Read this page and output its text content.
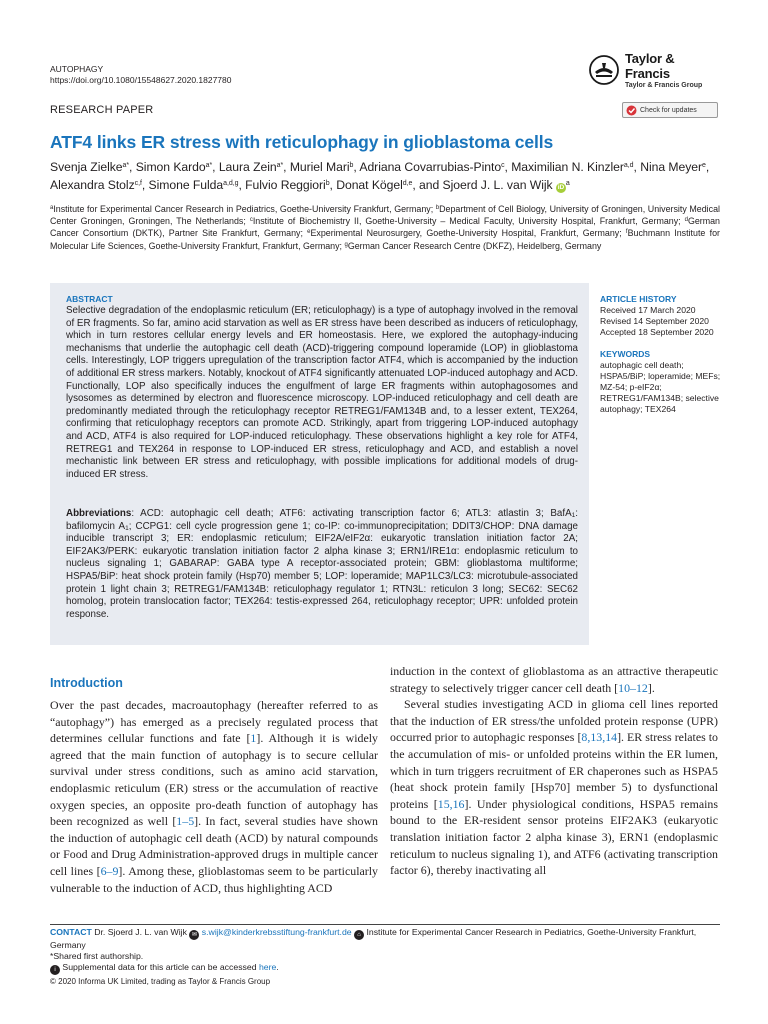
AUTOPHAGY
https://doi.org/10.1080/15548627.2020.1827780
Taylor & Francis
Taylor & Francis Group
RESEARCH PAPER	Check for updates
ATF4 links ER stress with reticulophagy in glioblastoma cells
Svenja Zielke$^{a*}$, Simon Kardo$^{a*}$, Laura Zein$^{a*}$, Muriel Mari$^b$, Adriana Covarrubias-Pinto$^c$, Maximilian N. Kinzler$^{a,d}$, Nina Meyer$^e$, Alexandra Stolz$^{c,f}$, Simone Fulda$^{a,d,g}$, Fulvio Reggiori$^b$, Donat Kögel$^{d,e}$, and Sjoerd J. L. van Wijk $iD^a$
$^a$Institute for Experimental Cancer Research in Pediatrics, Goethe-University Frankfurt, Germany; $^b$Department of Cell Biology, University of Groningen, University Medical Center Groningen, Groningen, The Netherlands; $^c$Institute of Biochemistry II, Goethe-University – Medical Faculty, University Hospital, Frankfurt, Germany; $^d$German Cancer Consortium (DKTK), Partner Site Frankfurt, Germany; $^e$Experimental Neurosurgery, Goethe-University Hospital, Frankfurt, Germany; $^f$Buchmann Institute for Molecular Life Sciences, Goethe-University Frankfurt, Frankfurt, Germany; $^g$German Cancer Research Centre (DKFZ), Heidelberg, Germany
ABSTRACT
Selective degradation of the endoplasmic reticulum (ER; reticulophagy) is a type of autophagy involved in the removal of ER fragments. So far, amino acid starvation as well as ER stress have been described as inducers of reticulophagy, which in turn restores cellular energy levels and ER homeostasis. Here, we explored the autophagy-inducing mechanisms that underlie the autophagic cell death (ACD)-triggering compound loperamide (LOP) in glioblastoma cells. Interestingly, LOP triggers upregulation of the transcription factor ATF4, which is accompanied by the induction of additional ER stress markers. Notably, knockout of ATF4 significantly attenuated LOP-induced autophagy and ACD. Functionally, LOP also specifically induces the engulfment of large ER fragments within autophagosomes and lysosomes as determined by electron and fluorescence microscopy. LOP-induced reticulophagy and cell death are predominantly mediated through the reticulophagy receptor RETREG1/FAM134B and, to a lesser extent, TEX264, confirming that reticulophagy receptors can promote ACD. Strikingly, apart from triggering LOP-induced autophagy and ACD, ATF4 is also required for LOP-induced reticulophagy. These observations highlight a key role for ATF4, RETREG1 and TEX264 in response to LOP-induced ER stress, reticulophagy and ACD, and establish a novel mechanistic link between ER stress and reticulophagy, with possible implications for additional models of drug-induced ER stress.
Abbreviations: ACD: autophagic cell death; ATF6: activating transcription factor 6; ATL3: atlastin 3; BafA$_1$: bafilomycin $A_1$; CCPG1: cell cycle progression gene 1; co-IP: co-immunoprecipitation; DDIT3/CHOP: DNA damage inducible transcript 3; ER: endoplasmic reticulum; EIF2A/eIF2α: eukaryotic translation initiation factor 2A; EIF2AK3/PERK: eukaryotic translation initiation factor 2 alpha kinase 3; ERN1/IRE1α: endoplasmic reticulum to nucleus signaling 1; GABARAP: GABA type A receptor-associated protein; GBM: glioblastoma multiforme; HSPA5/BiP: heat shock protein family (Hsp70) member 5; LOP: loperamide; MAP1LC3/LC3: microtubule-associated protein 1 light chain 3; RETREG1/FAM134B: reticulophagy regulator 1; RTN3L: reticulon 3 long; SEC62: SEC62 homolog, protein translocation factor; TEX264: testis-expressed 264, reticulophagy receptor; UPR: unfolded protein response.
ARTICLE HISTORY
Received 17 March 2020
Revised 14 September 2020
Accepted 18 September 2020
KEYWORDS
autophagic cell death; HSPA5/BiP; loperamide; MEFs; MZ-54; p-eIF2α; RETREG1/FAM134B; selective autophagy; TEX264
Introduction
Over the past decades, macroautophagy (hereafter referred to as “autophagy”) has emerged as a precisely regulated process that determines cellular functions and fate [1]. Although it is widely agreed that the main function of autophagy is to secure cellular survival under stress conditions, such as amino acid starvation, endoplasmic reticulum (ER) stress or the accumulation of reactive oxygen species, an opposite pro-death function of autophagy has been recognized as well [1–5]. In fact, several studies have shown the induction of autophagic cell death (ACD) by natural compounds or Food and Drug Administration-approved drugs in multiple cancer cell lines [6–9]. Among these, glioblastomas seem to be particularly vulnerable to the induction of ACD, thus highlighting ACD
induction in the context of glioblastoma as an attractive therapeutic strategy to selectively trigger cancer cell death [10–12].
Several studies investigating ACD in glioma cell lines reported that the induction of ER stress/the unfolded protein response (UPR) occurred prior to autophagic responses [8,13,14]. ER stress relates to the accumulation of mis- or unfolded proteins within the ER lumen, which in turn triggers recruitment of ER chaperones such as HSPA5 (heat shock protein family [Hsp70] member 5) to dysfunctional proteins [15,16]. Under physiological conditions, HSPA5 remains bound to the ER-resident sensor proteins EIF2AK3 (eukaryotic translation initiation factor 2 alpha kinase 3), ERN1 (endoplasmic reticulum to nucleus signaling 1), and ATF6 (activating transcription factor 6), thereby inactivating all
CONTACT Dr. Sjoerd J. L. van Wijk ✉ s.wijk@kinderkrebsstiftung-frankfurt.de ⌂ Institute for Experimental Cancer Research in Pediatrics, Goethe-University Frankfurt, Germany
*Shared first authorship.
i Supplemental data for this article can be accessed here.
© 2020 Informa UK Limited, trading as Taylor & Francis Group
